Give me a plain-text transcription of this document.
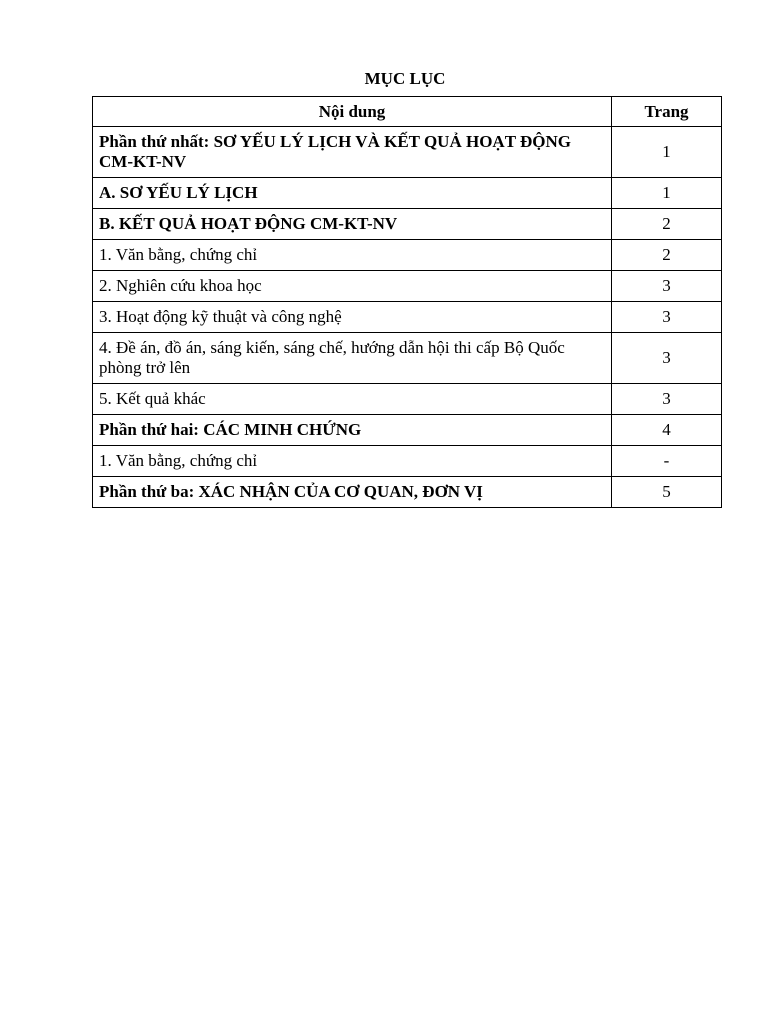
MỤC LỤC
Nội dung	Trang
Phần thứ nhất: SƠ YẾU LÝ LỊCH VÀ KẾT QUẢ HOẠT ĐỘNG CM-KT-NV	1
A. SƠ YẾU LÝ LỊCH	1
B. KẾT QUẢ HOẠT ĐỘNG CM-KT-NV	2
1. Văn bằng, chứng chỉ	2
2. Nghiên cứu khoa học	3
3. Hoạt động kỹ thuật và công nghệ	3
4. Đề án, đồ án, sáng kiến, sáng chế, hướng dẫn hội thi cấp Bộ Quốc phòng trở lên	3
5. Kết quả khác	3
Phần thứ hai: CÁC MINH CHỨNG	4
1. Văn bằng, chứng chỉ	-
Phần thứ ba: XÁC NHẬN CỦA CƠ QUAN, ĐƠN VỊ	5
